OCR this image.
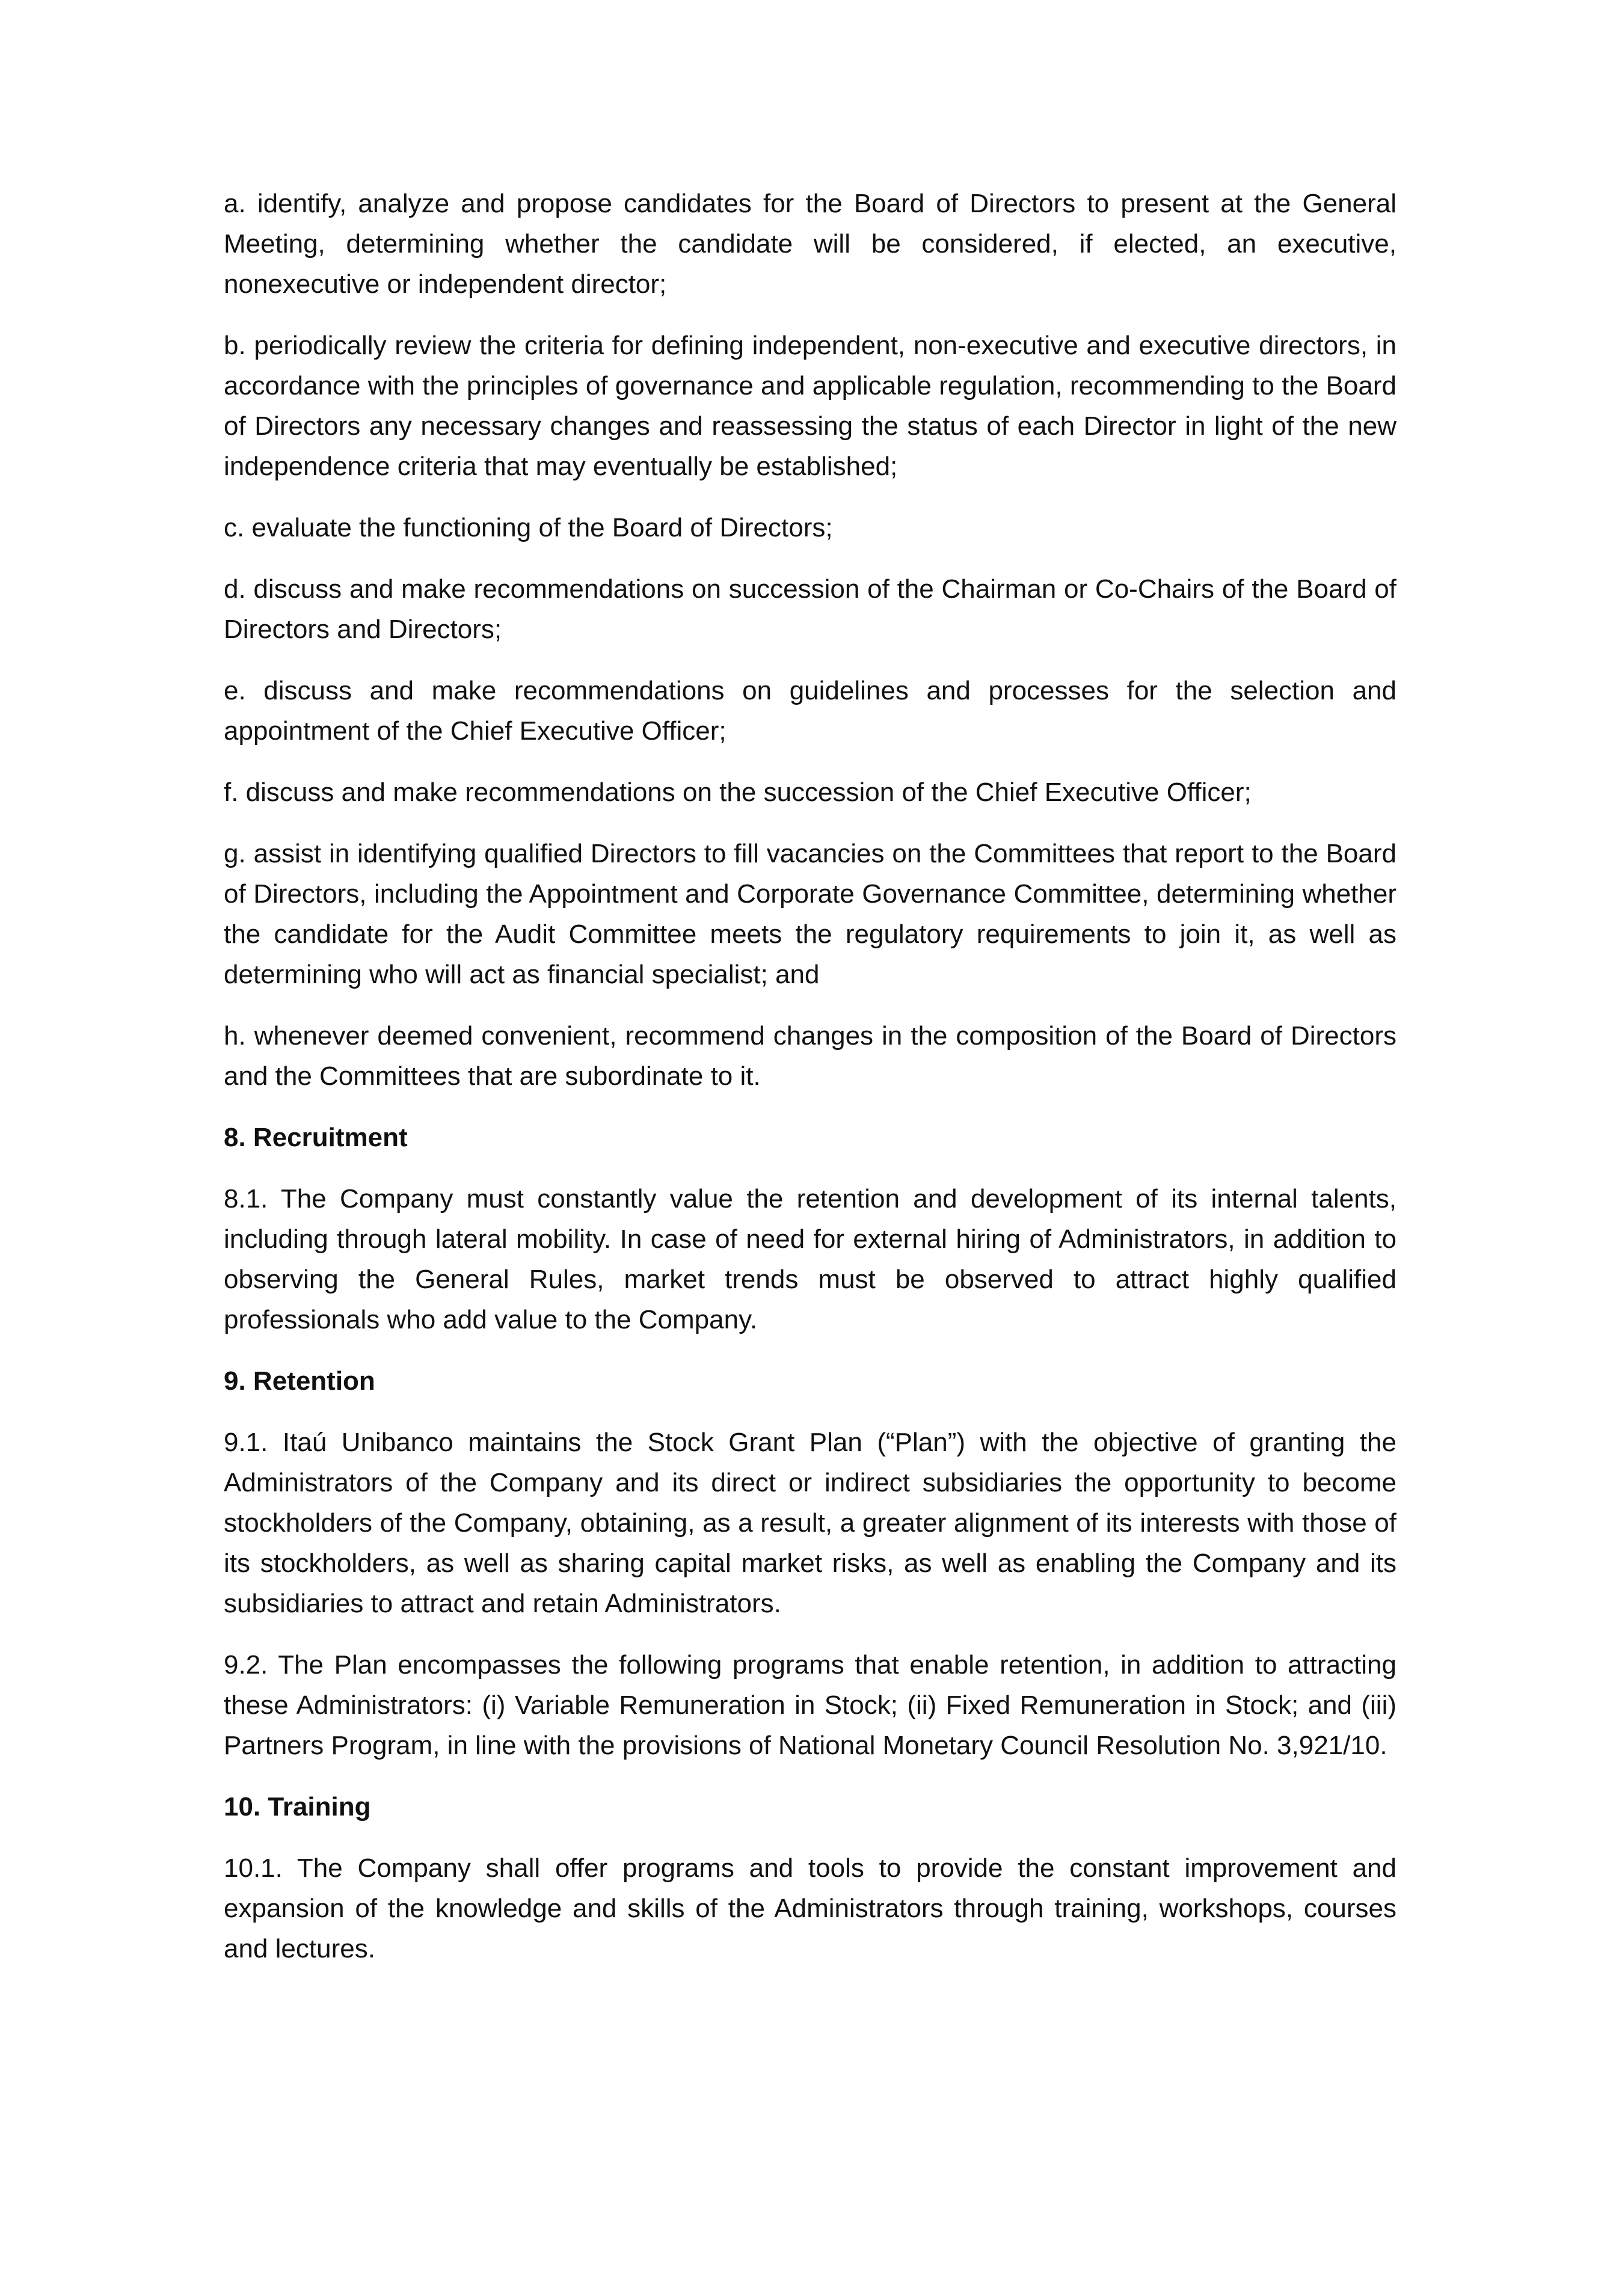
a. identify, analyze and propose candidates for the Board of Directors to present at the General Meeting, determining whether the candidate will be considered, if elected, an executive, nonexecutive or independent director;

b. periodically review the criteria for defining independent, non-executive and executive directors, in accordance with the principles of governance and applicable regulation, recommending to the Board of Directors any necessary changes and reassessing the status of each Director in light of the new independence criteria that may eventually be established;

c. evaluate the functioning of the Board of Directors;

d. discuss and make recommendations on succession of the Chairman or Co-Chairs of the Board of Directors and Directors;

e. discuss and make recommendations on guidelines and processes for the selection and appointment of the Chief Executive Officer;

f. discuss and make recommendations on the succession of the Chief Executive Officer;

g. assist in identifying qualified Directors to fill vacancies on the Committees that report to the Board of Directors, including the Appointment and Corporate Governance Committee, determining whether the candidate for the Audit Committee meets the regulatory requirements to join it, as well as determining who will act as financial specialist; and

h. whenever deemed convenient, recommend changes in the composition of the Board of Directors and the Committees that are subordinate to it.

8. Recruitment

8.1. The Company must constantly value the retention and development of its internal talents, including through lateral mobility. In case of need for external hiring of Administrators, in addition to observing the General Rules, market trends must be observed to attract highly qualified professionals who add value to the Company.

9. Retention

9.1. Itaú Unibanco maintains the Stock Grant Plan (“Plan”) with the objective of granting the Administrators of the Company and its direct or indirect subsidiaries the opportunity to become stockholders of the Company, obtaining, as a result, a greater alignment of its interests with those of its stockholders, as well as sharing capital market risks, as well as enabling the Company and its subsidiaries to attract and retain Administrators.

9.2. The Plan encompasses the following programs that enable retention, in addition to attracting these Administrators: (i) Variable Remuneration in Stock; (ii) Fixed Remuneration in Stock; and (iii) Partners Program, in line with the provisions of National Monetary Council Resolution No. 3,921/10.

10. Training

10.1. The Company shall offer programs and tools to provide the constant improvement and expansion of the knowledge and skills of the Administrators through training, workshops, courses and lectures.
